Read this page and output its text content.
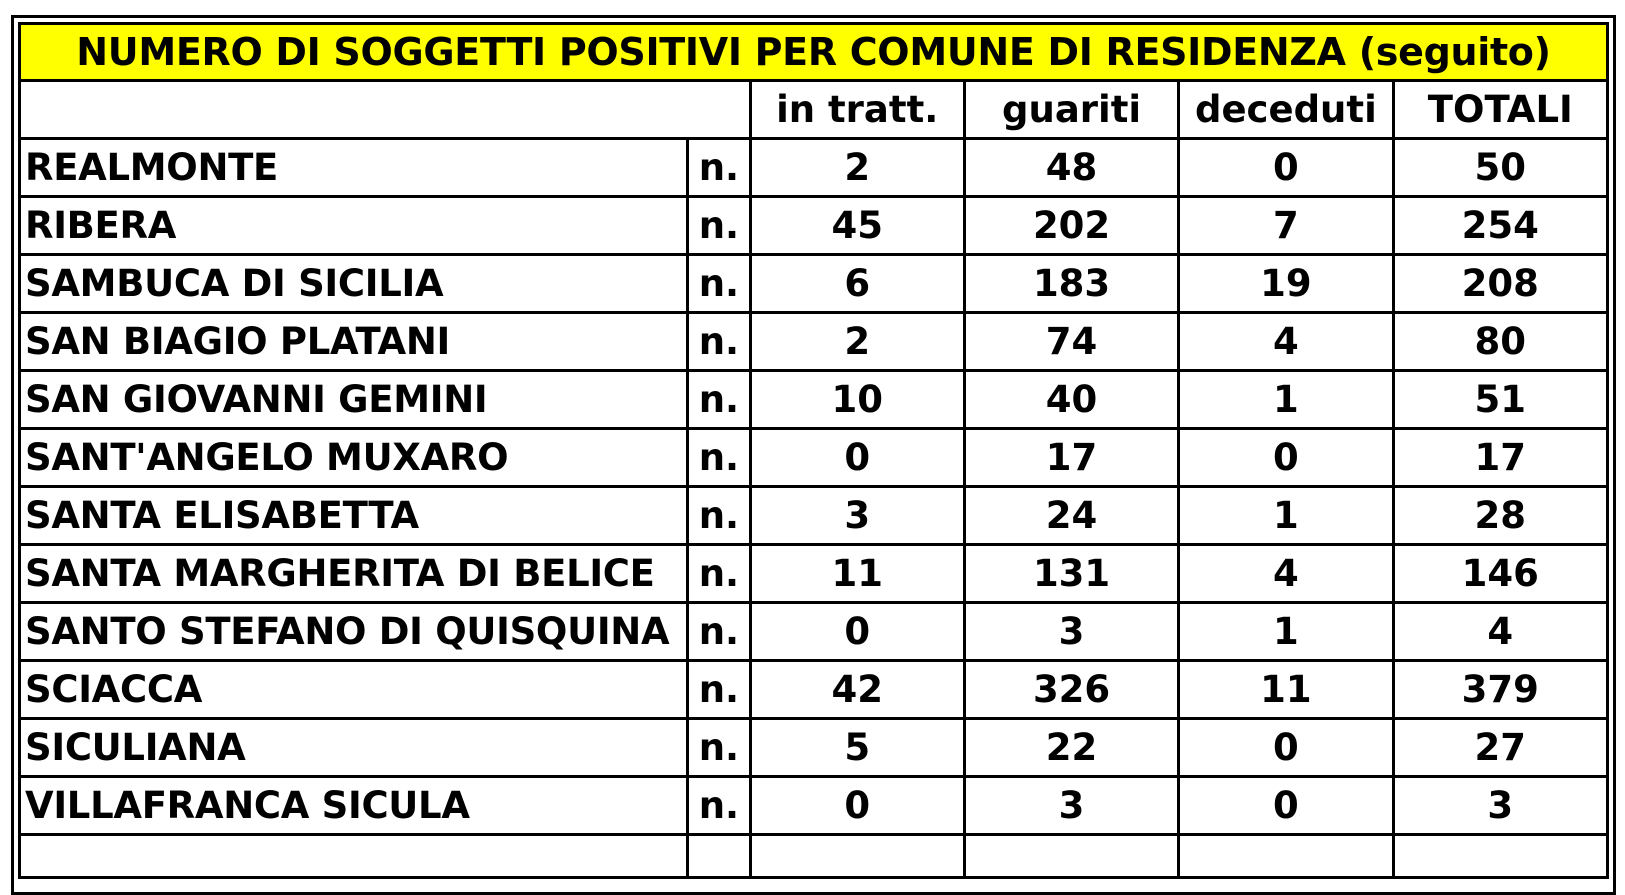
NUMERO DI SOGGETTI POSITIVI PER COMUNE DI RESIDENZA (seguito)					
		in tratt.	guariti	deceduti	TOTALI
REALMONTE	n.	2	48	0	50
RIBERA	n.	45	202	7	254
SAMBUCA DI SICILIA	n.	6	183	19	208
SAN BIAGIO PLATANI	n.	2	74	4	80
SAN GIOVANNI GEMINI	n.	10	40	1	51
SANT'ANGELO MUXARO	n.	0	17	0	17
SANTA ELISABETTA	n.	3	24	1	28
SANTA MARGHERITA DI BELICE	n.	11	131	4	146
SANTO STEFANO DI QUISQUINA	n.	0	3	1	4
SCIACCA	n.	42	326	11	379
SICULIANA	n.	5	22	0	27
VILLAFRANCA SICULA	n.	0	3	0	3
